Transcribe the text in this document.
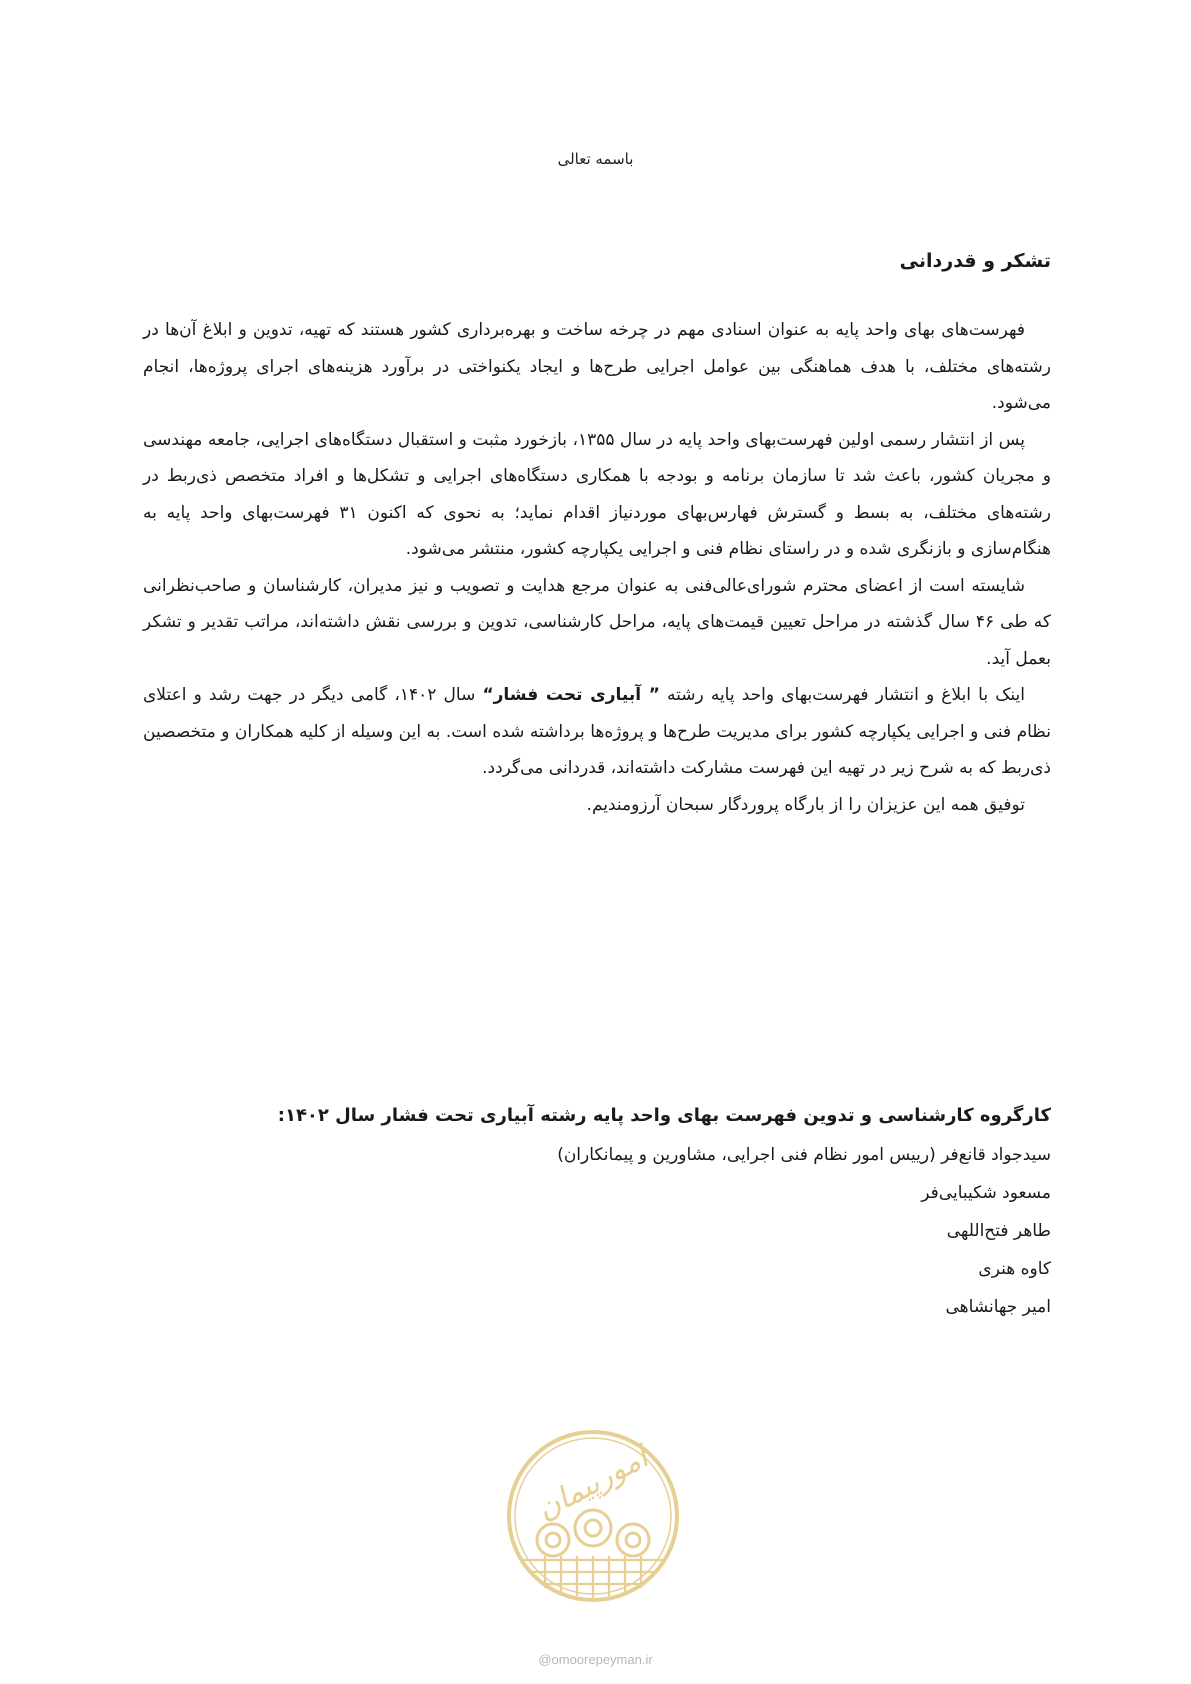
باسمه تعالی
تشکر و قدردانی

فهرست‌های بهای واحد پایه به عنوان اسنادی مهم در چرخه ساخت و بهره‌برداری کشور هستند که تهیه، تدوین و ابلاغ آن‌ها در رشته‌های مختلف، با هدف هماهنگی بین عوامل اجرایی طرح‌ها و ایجاد یکنواختی در برآورد هزینه‌های اجرای پروژه‌ها، انجام می‌شود.

پس از انتشار رسمی اولین فهرست‌بهای واحد پایه در سال ۱۳۵۵، بازخورد مثبت و استقبال دستگاه‌های اجرایی، جامعه مهندسی و مجریان کشور، باعث شد تا سازمان برنامه و بودجه با همکاری دستگاه‌های اجرایی و تشکل‌ها و افراد متخصص ذی‌ربط در رشته‌های مختلف، به بسط و گسترش فهارس‌بهای موردنیاز اقدام نماید؛ به نحوی که اکنون ۳۱ فهرست‌بهای واحد پایه به هنگام‌سازی و بازنگری شده و در راستای نظام فنی و اجرایی یکپارچه کشور، منتشر می‌شود.

شایسته است از اعضای محترم شورای‌عالی‌فنی به عنوان مرجع هدایت و تصویب و نیز مدیران، کارشناسان و صاحب‌نظرانی که طی ۴۶ سال گذشته در مراحل تعیین قیمت‌های پایه، مراحل کارشناسی، تدوین و بررسی نقش داشته‌اند، مراتب تقدیر و تشکر بعمل آید.

اینک با ابلاغ و انتشار فهرست‌بهای واحد پایه رشته ” آبیاری تحت فشار“ سال ۱۴۰۲، گامی دیگر در جهت رشد و اعتلای نظام فنی و اجرایی یکپارچه کشور برای مدیریت طرح‌ها و پروژه‌ها برداشته شده است. به این وسیله از کلیه همکاران و متخصصین ذی‌ربط که به شرح زیر در تهیه این فهرست مشارکت داشته‌اند، قدردانی می‌گردد.

توفیق همه این عزیزان را از بارگاه پروردگار سبحان آرزومندیم.

کارگروه کارشناسی و تدوین فهرست بهای واحد پایه رشته آبیاری تحت فشار سال ۱۴۰۲:
سیدجواد قانع‌فر (رییس امور نظام فنی اجرایی، مشاورین و پیمانکاران)
مسعود شکیبایی‌فر
طاهر فتح‌اللهی
کاوه هنری
امیر جهانشاهی
امورپیمان
@omoorepeyman.ir
